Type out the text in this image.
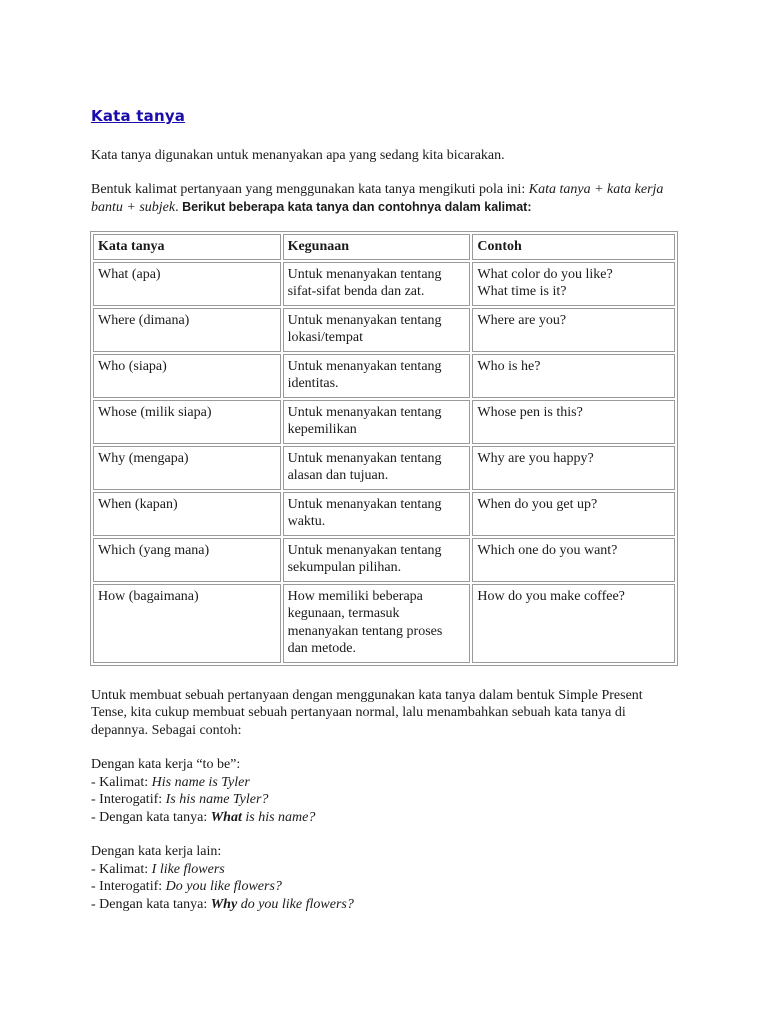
Kata tanya

Kata tanya digunakan untuk menanyakan apa yang sedang kita bicarakan.

Bentuk kalimat pertanyaan yang menggunakan kata tanya mengikuti pola ini: Kata tanya + kata kerja bantu + subjek. Berikut beberapa kata tanya dan contohnya dalam kalimat:

Kata tanya	Kegunaan	Contoh
What (apa)	Untuk menanyakan tentang sifat-sifat benda dan zat.	What color do you like?
What time is it?
Where (dimana)	Untuk menanyakan tentang lokasi/tempat	Where are you?
Who (siapa)	Untuk menanyakan tentang identitas.	Who is he?
Whose (milik siapa)	Untuk menanyakan tentang kepemilikan	Whose pen is this?
Why (mengapa)	Untuk menanyakan tentang alasan dan tujuan.	Why are you happy?
When (kapan)	Untuk menanyakan tentang waktu.	When do you get up?
Which (yang mana)	Untuk menanyakan tentang sekumpulan pilihan.	Which one do you want?
How (bagaimana)	How memiliki beberapa kegunaan, termasuk menanyakan tentang proses dan metode.	How do you make coffee?

Untuk membuat sebuah pertanyaan dengan menggunakan kata tanya dalam bentuk Simple Present Tense, kita cukup membuat sebuah pertanyaan normal, lalu menambahkan sebuah kata tanya di depannya. Sebagai contoh:

Dengan kata kerja “to be”:
- Kalimat: His name is Tyler
- Interogatif: Is his name Tyler?
- Dengan kata tanya: What is his name?
Dengan kata kerja lain:
- Kalimat: I like flowers
- Interogatif: Do you like flowers?
- Dengan kata tanya: Why do you like flowers?
